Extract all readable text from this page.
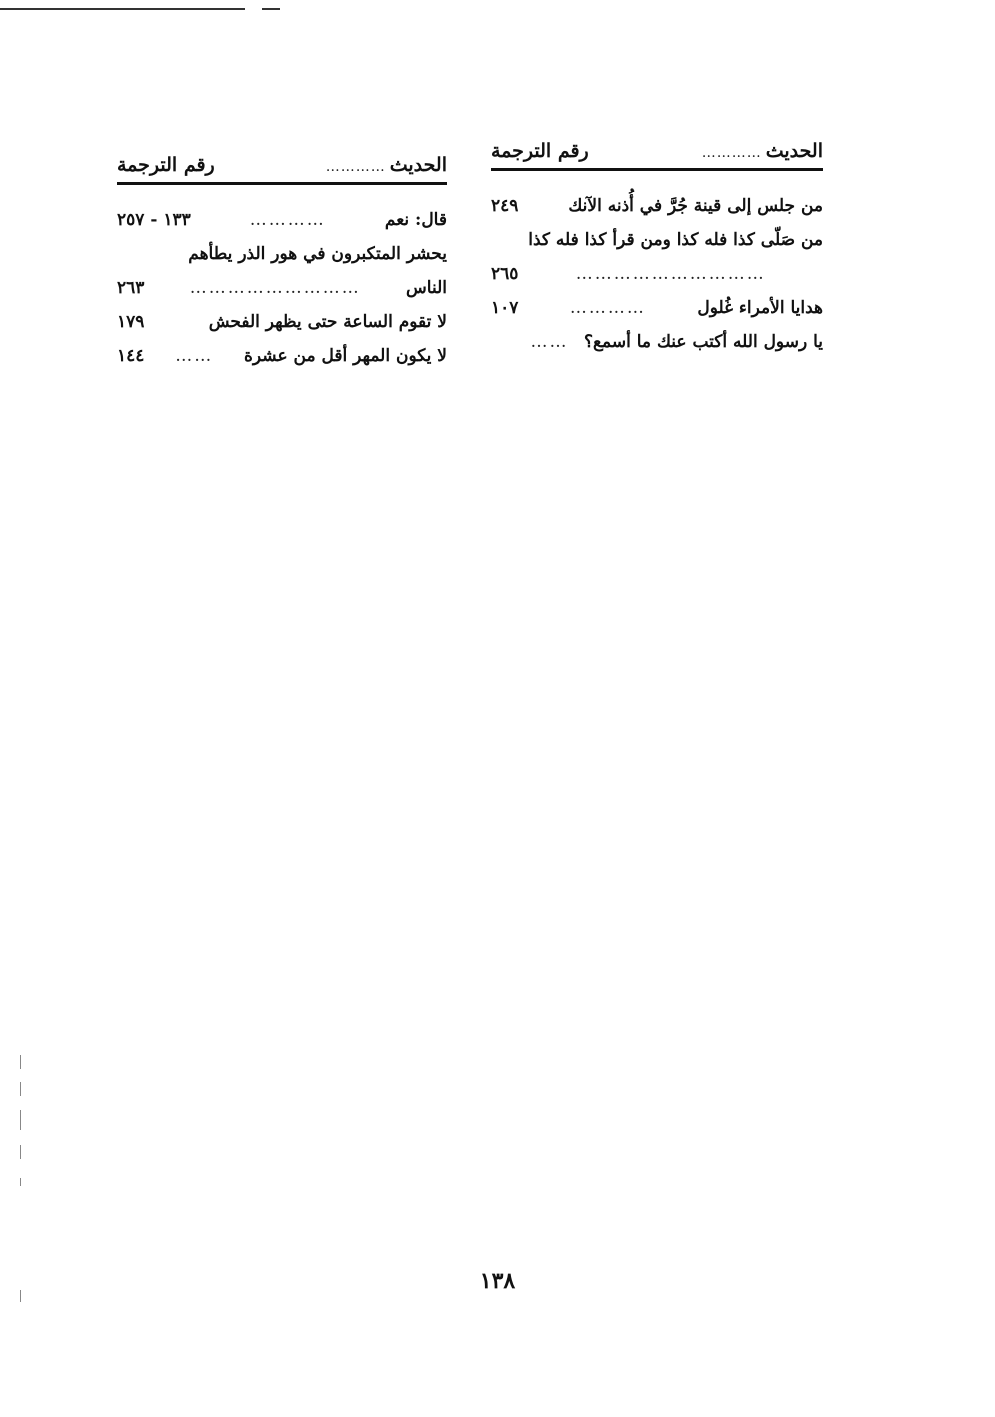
الحديث
…………
رقم الترجمة
من جلس إلى قينة جُرَّ في أُذنه الآنك
٢٤٩
من صَلّى كذا فله كذا ومن قرأ كذا فله كذا
…………………………
٢٦٥
هدايا الأمراء غُلول
…………
١٠٧
يا رسول الله أكتب عنك ما أسمع؟
……
الحديث
…………
رقم الترجمة
قال: نعم
…………
١٣٣ - ٢٥٧
يحشر المتكبرون في هور الذر يطأهم
الناس
………………………
٢٦٣
لا تقوم الساعة حتى يظهر الفحش
١٧٩
لا يكون المهر أقل من عشرة
……
١٤٤
١٣٨
